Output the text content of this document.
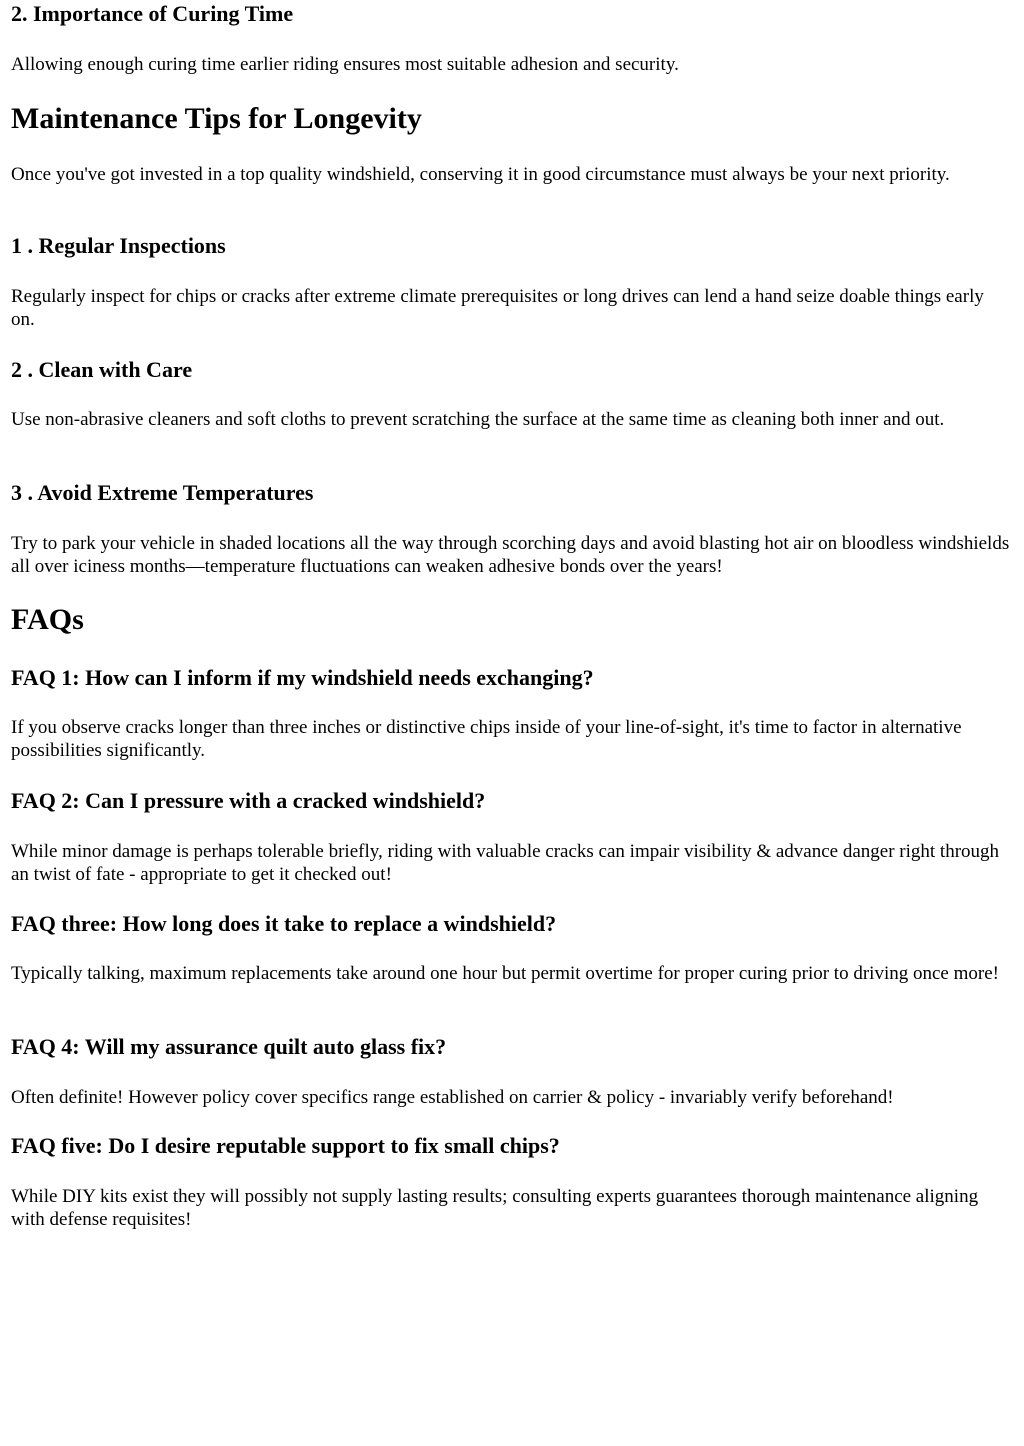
2. Importance of Curing Time

Allowing enough curing time earlier riding ensures most suitable adhesion and security.

Maintenance Tips for Longevity

Once you've got invested in a top quality windshield, conserving it in good circumstance must always be your next priority.

1 . Regular Inspections

Regularly inspect for chips or cracks after extreme climate prerequisites or long drives can lend a hand seize doable things early on.

2 . Clean with Care

Use non-abrasive cleaners and soft cloths to prevent scratching the surface at the same time as cleaning both inner and out.

3 . Avoid Extreme Temperatures

Try to park your vehicle in shaded locations all the way through scorching days and avoid blasting hot air on bloodless windshields all over iciness months—temperature fluctuations can weaken adhesive bonds over the years!

FAQs
FAQ 1: How can I inform if my windshield needs exchanging?

If you observe cracks longer than three inches or distinctive chips inside of your line-of-sight, it's time to factor in alternative possibilities significantly.

FAQ 2: Can I pressure with a cracked windshield?

While minor damage is perhaps tolerable briefly, riding with valuable cracks can impair visibility & advance danger right through an twist of fate - appropriate to get it checked out!

FAQ three: How long does it take to replace a windshield?

Typically talking, maximum replacements take around one hour but permit overtime for proper curing prior to driving once more!

FAQ 4: Will my assurance quilt auto glass fix?

Often definite! However policy cover specifics range established on carrier & policy - invariably verify beforehand!

FAQ five: Do I desire reputable support to fix small chips?

While DIY kits exist they will possibly not supply lasting results; consulting experts guarantees thorough maintenance aligning with defense requisites!
